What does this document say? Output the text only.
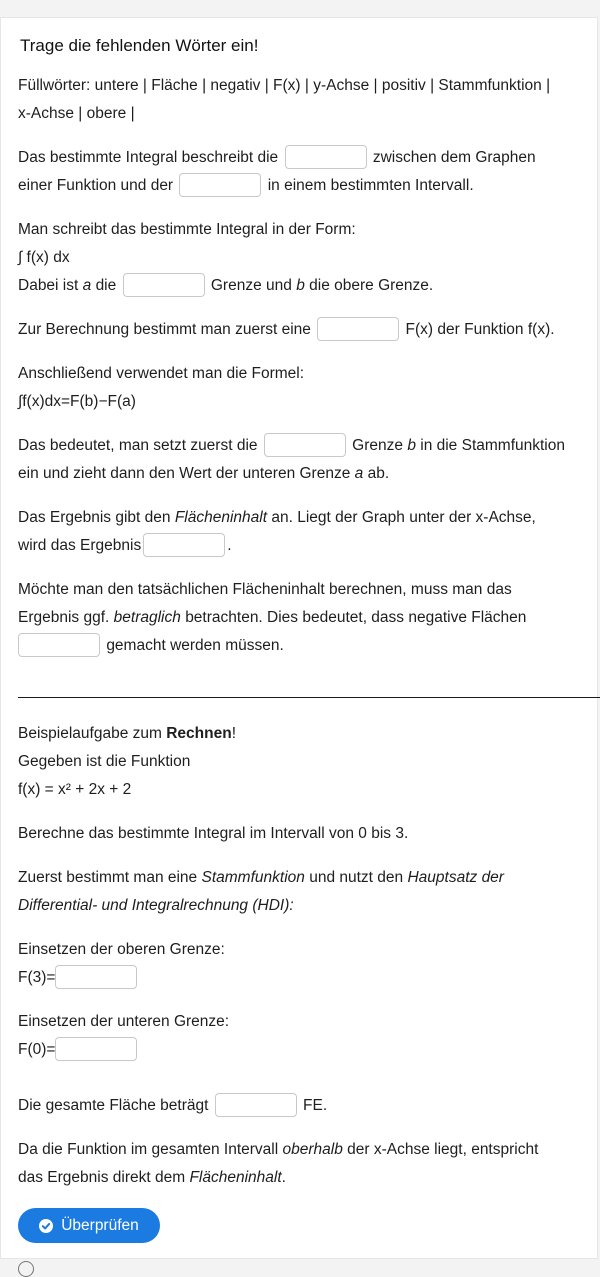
Trage die fehlenden Wörter ein!
Füllwörter: untere | Fläche | negativ | F(x) | y-Achse | positiv | Stammfunktion |
x-Achse | obere |
Das bestimmte Integral beschreibt die	zwischen dem Graphen
einer Funktion und der	in einem bestimmten Intervall.
Man schreibt das bestimmte Integral in der Form:
∫ f(x) dx
Dabei ist a die	Grenze und b die obere Grenze.
Zur Berechnung bestimmt man zuerst eine	F(x) der Funktion f(x).
Anschließend verwendet man die Formel:
∫f(x)dx=F(b)−F(a)
Das bedeutet, man setzt zuerst die	Grenze b in die Stammfunktion
ein und zieht dann den Wert der unteren Grenze a ab.
Das Ergebnis gibt den Flächeninhalt an. Liegt der Graph unter der x-Achse,
wird das Ergebnis	.
Möchte man den tatsächlichen Flächeninhalt berechnen, muss man das
Ergebnis ggf. betraglich betrachten. Dies bedeutet, dass negative Flächen
gemacht werden müssen.
Beispielaufgabe zum Rechnen!
Gegeben ist die Funktion
f(x) = x² + 2x + 2
Berechne das bestimmte Integral im Intervall von 0 bis 3.
Zuerst bestimmt man eine Stammfunktion und nutzt den Hauptsatz der
Differential- und Integralrechnung (HDI):
Einsetzen der oberen Grenze:
F(3)=
Einsetzen der unteren Grenze:
F(0)=
Die gesamte Fläche beträgt	FE.
Da die Funktion im gesamten Intervall oberhalb der x-Achse liegt, entspricht
das Ergebnis direkt dem Flächeninhalt.
Überprüfen
